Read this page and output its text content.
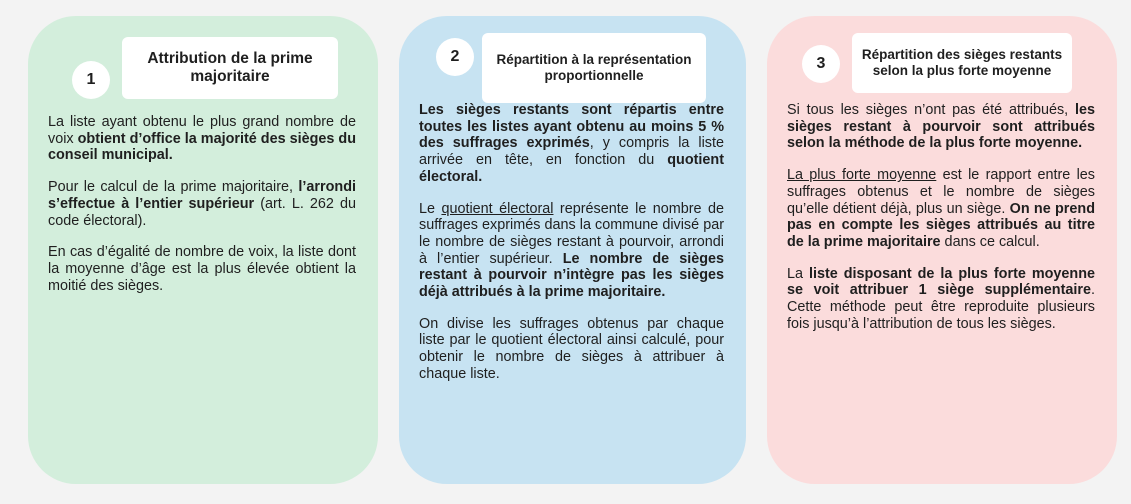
1
Attribution de la prime majoritaire

La liste ayant obtenu le plus grand nombre de voix obtient d’office la majorité des sièges du conseil municipal.

Pour le calcul de la prime majoritaire, l’arrondi s’effectue à l’entier supérieur (art. L. 262 du code électoral).

En cas d’égalité de nombre de voix, la liste dont la moyenne d’âge est la plus élevée obtient la moitié des sièges.

2	Répartition à la représentation proportionnelle

Les sièges restants sont répartis entre toutes les listes ayant obtenu au moins 5 % des suffrages exprimés, y compris la liste arrivée en tête, en fonction du quotient électoral.

Le quotient électoral représente le nombre de suffrages exprimés dans la commune divisé par le nombre de sièges restant à pourvoir, arrondi à l’entier supérieur. Le nombre de sièges restant à pourvoir n’intègre pas les sièges déjà attribués à la prime majoritaire.

On divise les suffrages obtenus par chaque liste par le quotient électoral ainsi calculé, pour obtenir le nombre de sièges à attribuer à chaque liste.

3
Répartition des sièges restants selon la plus forte moyenne

Si tous les sièges n’ont pas été attribués, les sièges restant à pourvoir sont attribués selon la méthode de la plus forte moyenne.

La plus forte moyenne est le rapport entre les suffrages obtenus et le nombre de sièges qu’elle détient déjà, plus un siège. On ne prend pas en compte les sièges attribués au titre de la prime majoritaire dans ce calcul.

La liste disposant de la plus forte moyenne se voit attribuer 1 siège supplémentaire. Cette méthode peut être reproduite plusieurs fois jusqu’à l’attribution de tous les sièges.
